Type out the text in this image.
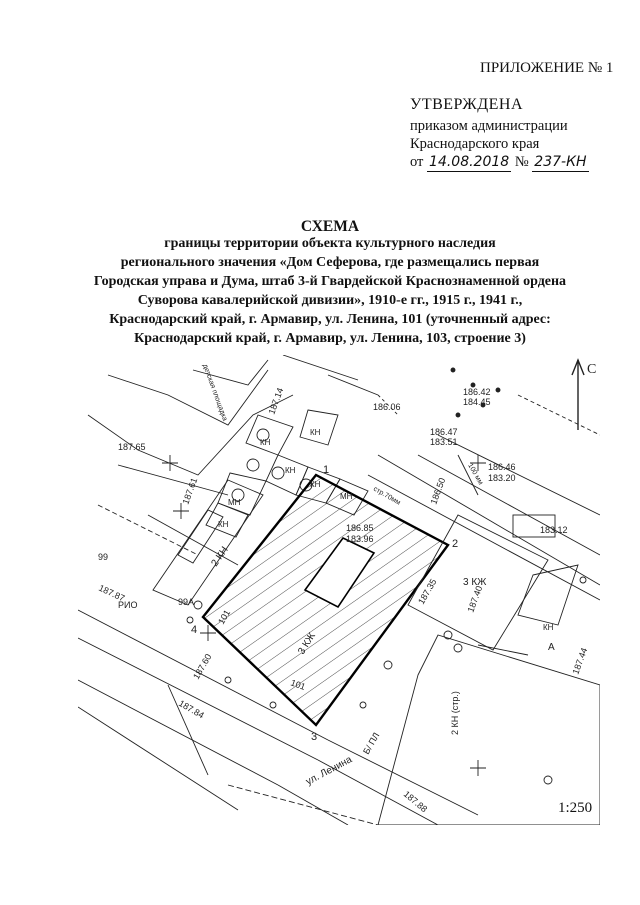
ПРИЛОЖЕНИЕ № 1
УТВЕРЖДЕНА
приказом администрации
Краснодарского края
от 14.08.2018 № 237-КН
СХЕМА
границы территории объекта культурного наследия
регионального значения «Дом Сеферова, где размещались первая
Городская управа и Дума, штаб 3-й Гвардейской Краснознаменной ордена
Суворова кавалерийской дивизии», 1910-е гг., 1915 г., 1941 г.,
Краснодарский край, г. Армавир, ул. Ленина, 101 (уточненный адрес:
Краснодарский край, г. Армавир, ул. Ленина, 103, строение 3)
С
2 КН
3 КЖ
3 КЖ
2 КН (стр.)
КН
КН
КН
МН
МН
КН
КН
КН
1
2
3
4
ул. Ленина
Б/ ПЛ
А
186.06
187.14
187.65
187.61
187.35
187.44
186.50
186.46
183.20
186.85
183.96
186.47
183.51
187.40
183.12
187.87
187.84
187.60
187.88
186.42
184.45
99
99А
101
101
РИО
детская площадка
100 мм
стр.70мм
1:250
